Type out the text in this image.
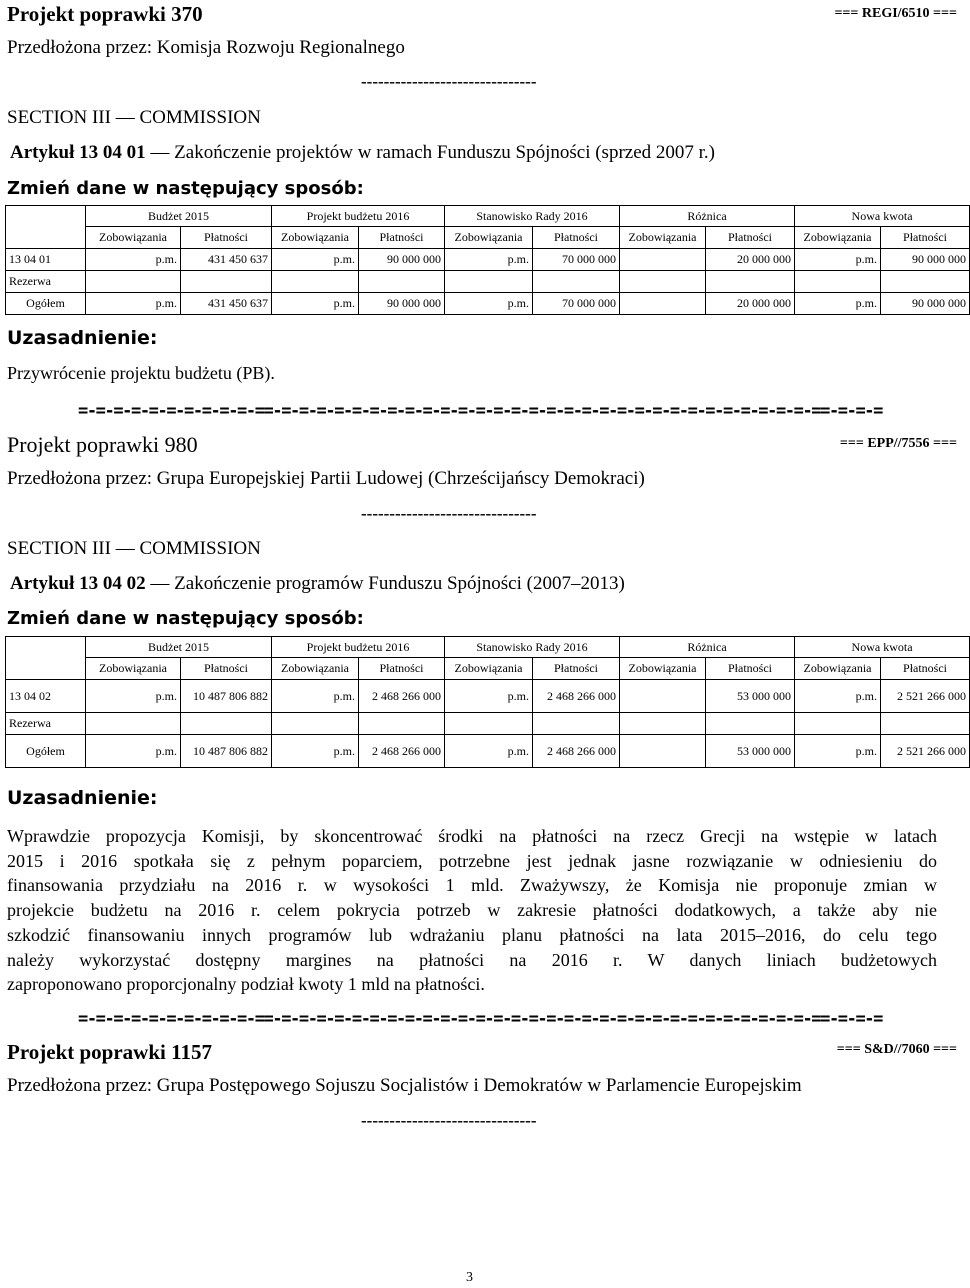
Projekt poprawki 370	=== REGI/6510 ===
Przedłożona przez: Komisja Rozwoju Regionalnego
-------------------------------
SECTION III — COMMISSION
Artykuł 13 04 01 — Zakończenie projektów w ramach Funduszu Spójności (sprzed 2007 r.)
Zmień dane w następujący sposób:
	Budżet 2015		Projekt budżetu 2016		Stanowisko Rady 2016		Różnica		Nowa kwota	
	Zobowiązania	Płatności	Zobowiązania	Płatności	Zobowiązania	Płatności	Zobowiązania	Płatności	Zobowiązania	Płatności
13 04 01	p.m.	431 450 637	p.m.	90 000 000	p.m.	70 000 000		20 000 000	p.m.	90 000 000
Rezerwa										
Ogółem	p.m.	431 450 637	p.m.	90 000 000	p.m.	70 000 000		20 000 000	p.m.	90 000 000
Uzasadnienie:
Przywrócenie projektu budżetu (PB).
=-=-=-=-=-=-=-=-=-=-==-=-=-=-=-=-=-=-=-=-=-=-=-=-=-=-=-=-=-=-=-=-=-=-=-=-=-=-=-=-=-==-=-=-=
Projekt poprawki 980	=== EPP//7556 ===
Przedłożona przez: Grupa Europejskiej Partii Ludowej (Chrześcijańscy Demokraci)
-------------------------------
SECTION III — COMMISSION
Artykuł 13 04 02 — Zakończenie programów Funduszu Spójności (2007–2013)
Zmień dane w następujący sposób:
	Budżet 2015		Projekt budżetu 2016		Stanowisko Rady 2016		Różnica		Nowa kwota	
	Zobowiązania	Płatności	Zobowiązania	Płatności	Zobowiązania	Płatności	Zobowiązania	Płatności	Zobowiązania	Płatności
13 04 02	p.m.	10 487 806 882	p.m.	2 468 266 000	p.m.	2 468 266 000		53 000 000	p.m.	2 521 266 000
Rezerwa										
Ogółem	p.m.	10 487 806 882	p.m.	2 468 266 000	p.m.	2 468 266 000		53 000 000	p.m.	2 521 266 000
Uzasadnienie:
Wprawdzie propozycja Komisji, by skoncentrować środki na płatności na rzecz Grecji na wstępie w latach
2015 i 2016 spotkała się z pełnym poparciem, potrzebne jest jednak jasne rozwiązanie w odniesieniu do
finansowania przydziału na 2016 r. w wysokości 1 mld. Zważywszy, że Komisja nie proponuje zmian w
projekcie budżetu na 2016 r. celem pokrycia potrzeb w zakresie płatności dodatkowych, a także aby nie
szkodzić finansowaniu innych programów lub wdrażaniu planu płatności na lata 2015–2016, do celu tego
należy wykorzystać dostępny margines na płatności na 2016 r. W danych liniach budżetowych
zaproponowano proporcjonalny podział kwoty 1 mld na płatności.
=-=-=-=-=-=-=-=-=-=-==-=-=-=-=-=-=-=-=-=-=-=-=-=-=-=-=-=-=-=-=-=-=-=-=-=-=-=-=-=-=-==-=-=-=
Projekt poprawki 1157	=== S&D//7060 ===
Przedłożona przez: Grupa Postępowego Sojuszu Socjalistów i Demokratów w Parlamencie Europejskim
-------------------------------
3
